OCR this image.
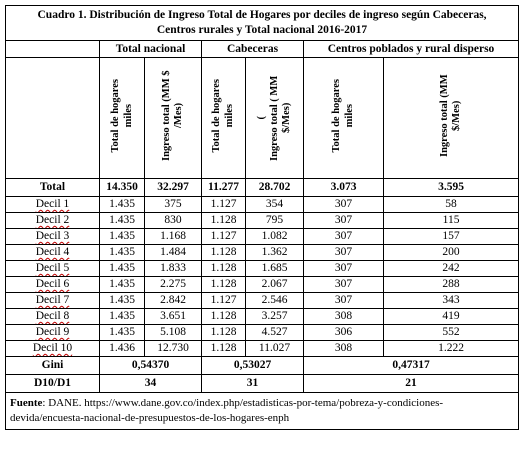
Cuadro 1. Distribución de Ingreso Total de Hogares por deciles de ingreso según Cabeceras,
Centros rurales y Total nacional 2016-2017						
	Total nacional		Cabeceras		Centros poblados y rural disperso	

	Total de hogares miles	Ingreso total (MM $ /Mes)	Total de hogares miles	( Ingreso total ( MM $/Mes)	Total de hogares miles	Ingreso total (MM $/Mes)
Total	14.350	32.297	11.277	28.702	3.073	3.595
Decil 1	1.435	375	1.127	354	307	58
Decil 2	1.435	830	1.128	795	307	115
Decil 3	1.435	1.168	1.127	1.082	307	157
Decil 4	1.435	1.484	1.128	1.362	307	200
Decil 5	1.435	1.833	1.128	1.685	307	242
Decil 6	1.435	2.275	1.128	2.067	307	288
Decil 7	1.435	2.842	1.127	2.546	307	343
Decil 8	1.435	3.651	1.128	3.257	308	419
Decil 9	1.435	5.108	1.128	4.527	306	552
Decil 10	1.436	12.730	1.128	11.027	308	1.222
Gini	0,54370		0,53027		0,47317	
D10/D1	34		31		21	
Fuente: DANE. https://www.dane.gov.co/index.php/estadisticas-por-tema/pobreza-y-condiciones-devida/encuesta-nacional-de-presupuestos-de-los-hogares-enph						
